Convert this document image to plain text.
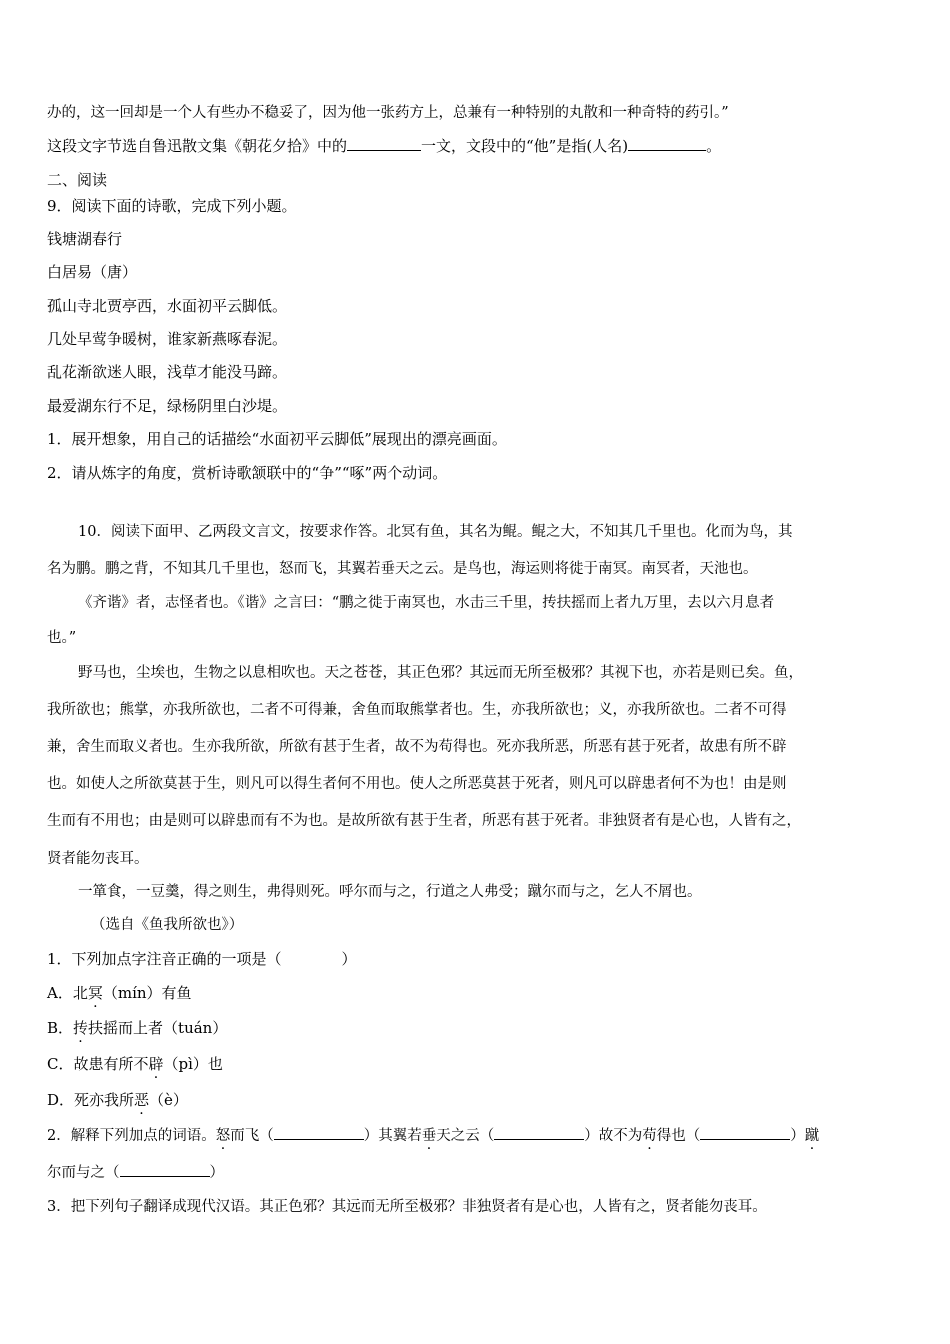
办的，这一回却是一个人有些办不稳妥了，因为他一张药方上，总兼有一种特别的丸散和一种奇特的药引。”
这段文字节选自鲁迅散文集《朝花夕拾》中的	一文，文段中的“他”是指(人名)	。
二、阅读
9．阅读下面的诗歌，完成下列小题。
钱塘湖春行
白居易（唐）
孤山寺北贾亭西，水面初平云脚低。
几处早莺争暖树，谁家新燕啄春泥。
乱花渐欲迷人眼，浅草才能没马蹄。
最爱湖东行不足，绿杨阴里白沙堤。
1．展开想象，用自己的话描绘“水面初平云脚低”展现出的漂亮画面。
2．请从炼字的角度，赏析诗歌颔联中的“争”“啄”两个动词。
10．阅读下面甲、乙两段文言文，按要求作答。北冥有鱼，其名为鲲。鲲之大，不知其几千里也。化而为鸟，其
名为鹏。鹏之背，不知其几千里也，怒而飞，其翼若垂天之云。是鸟也，海运则将徙于南冥。南冥者，天池也。
《齐谐》者，志怪者也。《谐》之言曰：“鹏之徙于南冥也，水击三千里，抟扶摇而上者九万里，去以六月息者
也。”
野马也，尘埃也，生物之以息相吹也。天之苍苍，其正色邪？其远而无所至极邪？其视下也，亦若是则已矣。鱼，
我所欲也；熊掌，亦我所欲也，二者不可得兼，舍鱼而取熊掌者也。生，亦我所欲也；义，亦我所欲也。二者不可得
兼，舍生而取义者也。生亦我所欲，所欲有甚于生者，故不为苟得也。死亦我所恶，所恶有甚于死者，故患有所不辟
也。如使人之所欲莫甚于生，则凡可以得生者何不用也。使人之所恶莫甚于死者，则凡可以辟患者何不为也！由是则
生而有不用也；由是则可以辟患而有不为也。是故所欲有甚于生者，所恶有甚于死者。非独贤者有是心也，人皆有之，
贤者能勿丧耳。
一箪食，一豆羹，得之则生，弗得则死。呼尔而与之，行道之人弗受；蹴尔而与之，乞人不屑也。
（选自《鱼我所欲也》）
1．下列加点字注音正确的一项是（	）
A．北冥（mín）有鱼
B．抟扶摇而上者（tuán）
C．故患有所不辟（pì）也
D．死亦我所恶（è）
2．解释下列加点的词语。怒而飞（	）其翼若垂天之云（	）故不为苟得也（	）蹴
尔而与之（	）
3．把下列句子翻译成现代汉语。其正色邪？其远而无所至极邪？非独贤者有是心也，人皆有之，贤者能勿丧耳。
